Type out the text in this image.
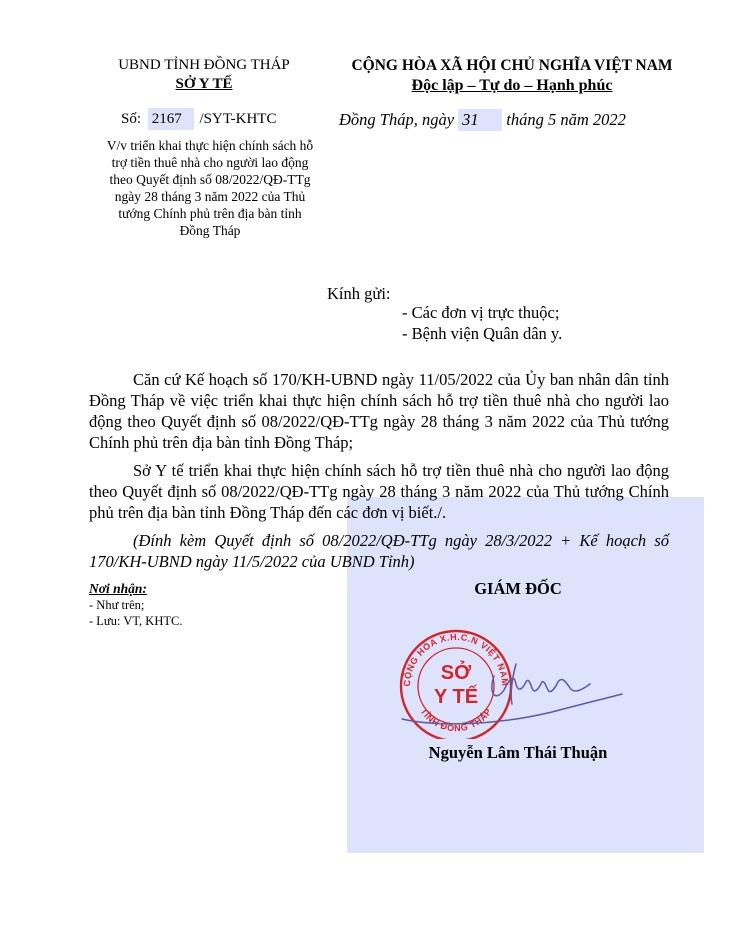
UBND TỈNH ĐỒNG THÁP
SỞ Y TẾ
CỘNG HÒA XÃ HỘI CHỦ NGHĨA VIỆT NAM
Độc lập – Tự do – Hạnh phúc
Số: 2167 /SYT-KHTC	Đồng Tháp, ngày 31 tháng 5 năm 2022
V/v triển khai thực hiện chính sách hỗ
trợ tiền thuê nhà cho người lao động
theo Quyết định số 08/2022/QĐ-TTg
ngày 28 tháng 3 năm 2022 của Thủ
tướng Chính phủ trên địa bàn tỉnh
Đồng Tháp
Kính gửi:
- Các đơn vị trực thuộc;
- Bệnh viện Quân dân y.

Căn cứ Kế hoạch số 170/KH-UBND ngày 11/05/2022 của Ủy ban nhân dân tỉnh Đồng Tháp về việc triển khai thực hiện chính sách hỗ trợ tiền thuê nhà cho người lao động theo Quyết định số 08/2022/QĐ-TTg ngày 28 tháng 3 năm 2022 của Thủ tướng Chính phủ trên địa bàn tỉnh Đồng Tháp;

Sở Y tế triển khai thực hiện chính sách hỗ trợ tiền thuê nhà cho người lao động theo Quyết định số 08/2022/QĐ-TTg ngày 28 tháng 3 năm 2022 của Thủ tướng Chính phủ trên địa bàn tỉnh Đồng Tháp đến các đơn vị biết./.

(Đính kèm Quyết định số 08/2022/QĐ-TTg ngày 28/3/2022 + Kế hoạch số 170/KH-UBND ngày 11/5/2022 của UBND Tỉnh)

Nơi nhận:
- Như trên;
- Lưu: VT, KHTC.
GIÁM ĐỐC
CỘNG HÒA X.H.C.N VIỆT NAM
TỈNH ĐỒNG THÁP
SỞ
Y TẾ
Nguyễn Lâm Thái Thuận
